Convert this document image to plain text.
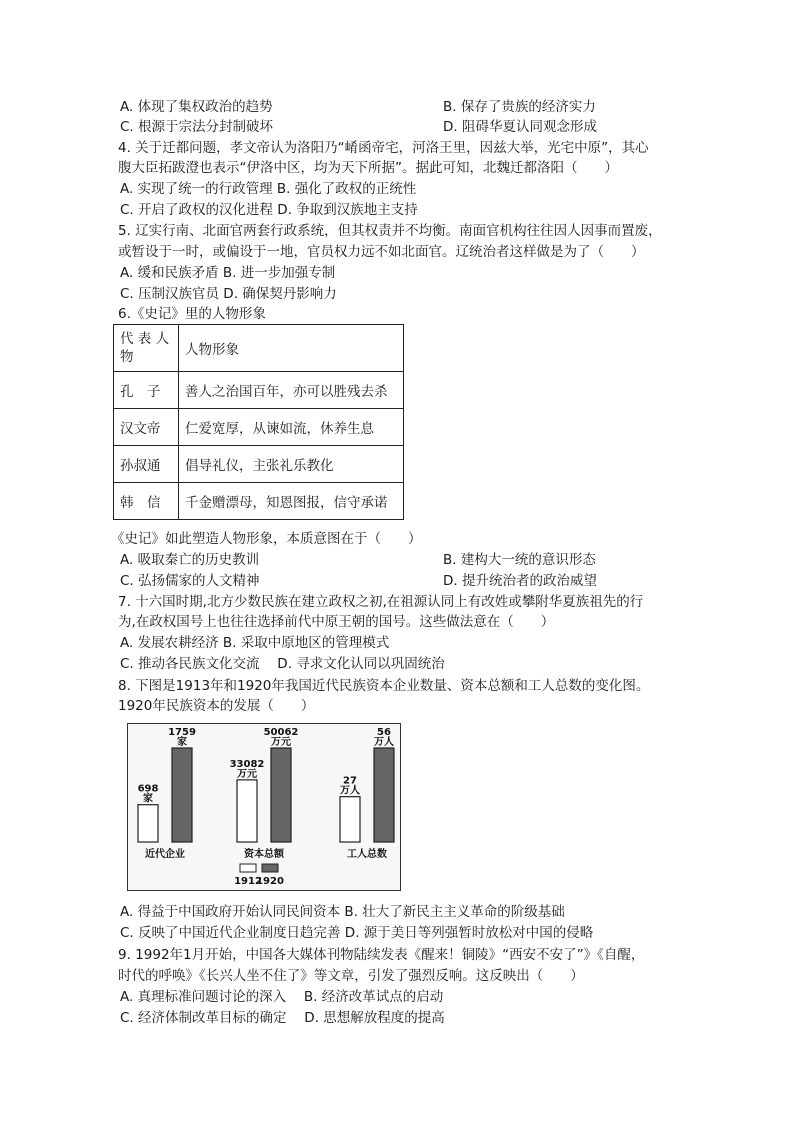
A. 体现了集权政治的趋势	B. 保存了贵族的经济实力
C. 根源于宗法分封制破坏	D. 阻碍华夏认同观念形成
4. 关于迁都问题，孝文帝认为洛阳乃“崤函帝宅，河洛王里，因兹大举，光宅中原”，其心
腹大臣拓跋澄也表示“伊洛中区，均为天下所据”。据此可知，北魏迁都洛阳（　　）
A. 实现了统一的行政管理 B. 强化了政权的正统性
C. 开启了政权的汉化进程 D. 争取到汉族地主支持
5. 辽实行南、北面官两套行政系统，但其权责并不均衡。南面官机构往往因人因事而置废，
或暂设于一时，或偏设于一地，官员权力远不如北面官。辽统治者这样做是为了（　　）
A. 缓和民族矛盾 B. 进一步加强专制
C. 压制汉族官员 D. 确保契丹影响力
6.《史记》里的人物形象
代 表 人 物	人物形象
孔　子	善人之治国百年，亦可以胜残去杀
汉文帝	仁爱宽厚，从谏如流，休养生息
孙叔通	倡导礼仪，主张礼乐教化
韩　信	千金赠漂母，知恩图报，信守承诺
《史记》如此塑造人物形象，本质意图在于（　　）
A. 吸取秦亡的历史教训	B. 建构大一统的意识形态
C. 弘扬儒家的人文精神	D. 提升统治者的政治威望
7. 十六国时期,北方少数民族在建立政权之初,在祖源认同上有改姓或攀附华夏族祖先的行
为,在政权国号上也往往选择前代中原王朝的国号。这些做法意在（　　）
A. 发展农耕经济 B. 采取中原地区的管理模式
C. 推动各民族文化交流　 D. 寻求文化认同以巩固统治
8. 下图是1913年和1920年我国近代民族资本企业数量、资本总额和工人总数的变化图。
1920年民族资本的发展（　　）
698
家
1759
家
近代企业
33082
万元
50062
万元
资本总额
27
万人
56
万人
工人总数
1912
1920
A. 得益于中国政府开始认同民间资本 B. 壮大了新民主主义革命的阶级基础
C. 反映了中国近代企业制度日趋完善 D. 源于美日等列强暂时放松对中国的侵略
9. 1992年1月开始，中国各大媒体刊物陆续发表《醒来！铜陵》“西安不安了”》《自醒，
时代的呼唤》《长兴人坐不住了》等文章，引发了强烈反响。这反映出（　　）
A. 真理标准问题讨论的深入　 B. 经济改革试点的启动
C. 经济体制改革目标的确定　 D. 思想解放程度的提高
